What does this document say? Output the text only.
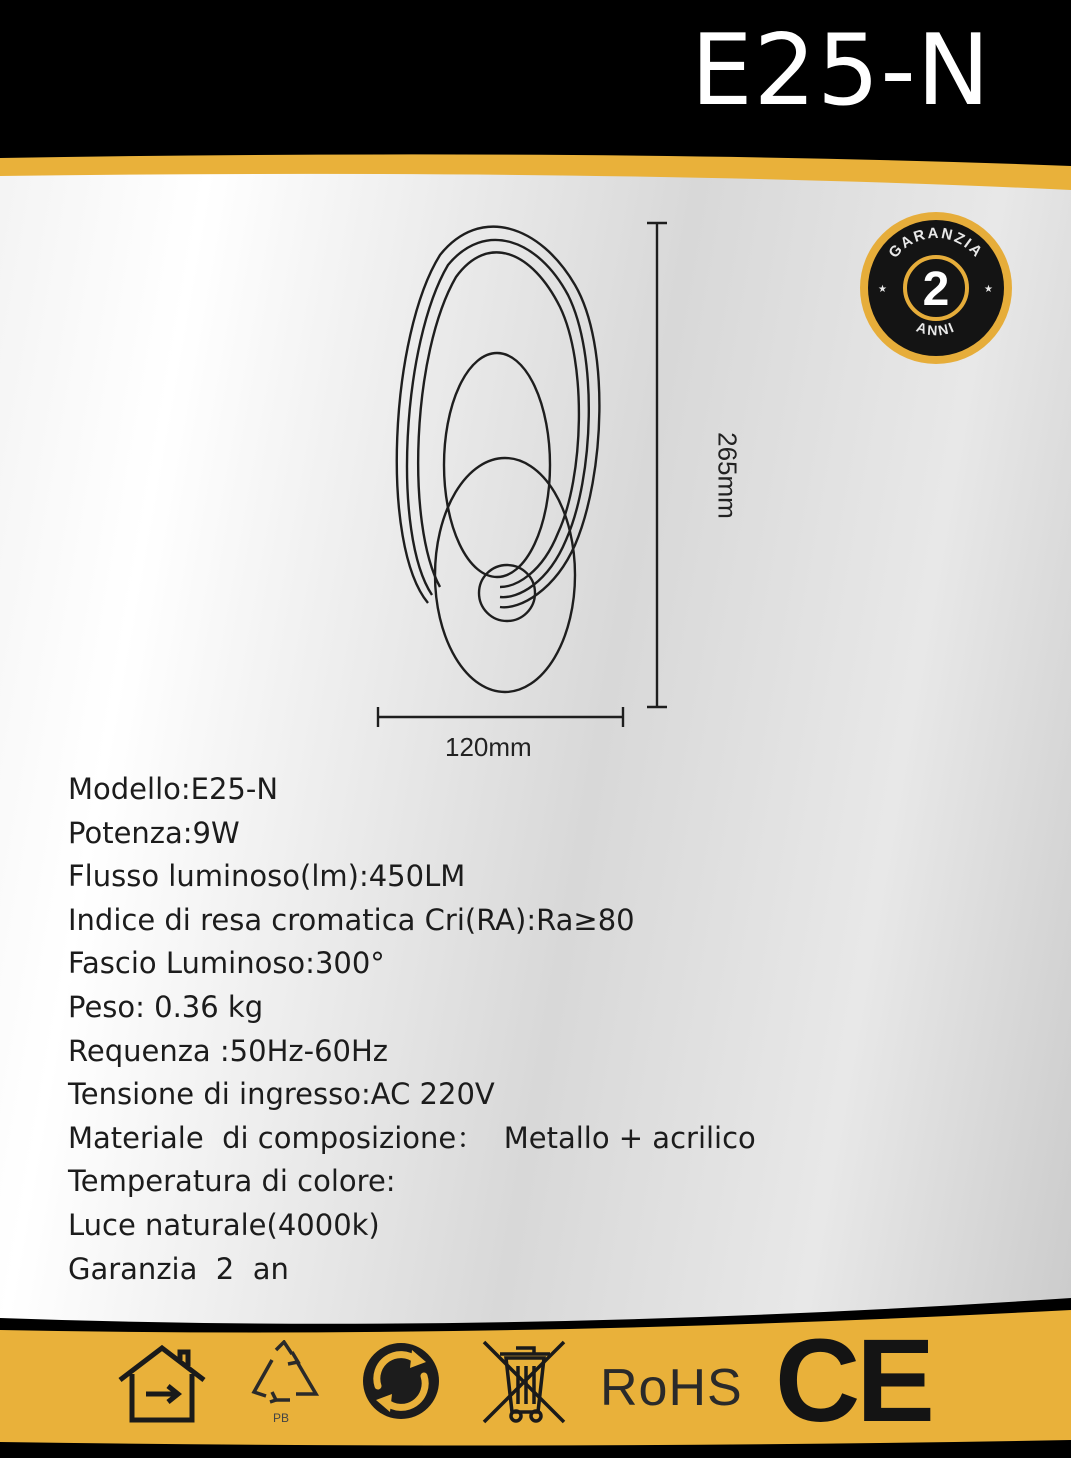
E25-N
120mm
265mm
GARANZIA
ANNI
2
★	★
Modello:E25-N
Potenza:9W
Flusso luminoso(lm):450LM
Indice di resa cromatica Cri(RA):Ra≥80
Fascio Luminoso:300°
Peso: 0.36 kg
Requenza :50Hz-60Hz
Tensione di ingresso:AC 220V
Materiale  di composizione：  Metallo + acrilico
Temperatura di colore:
Luce naturale(4000k)
Garanzia  2  an
PB
RoHS CE
